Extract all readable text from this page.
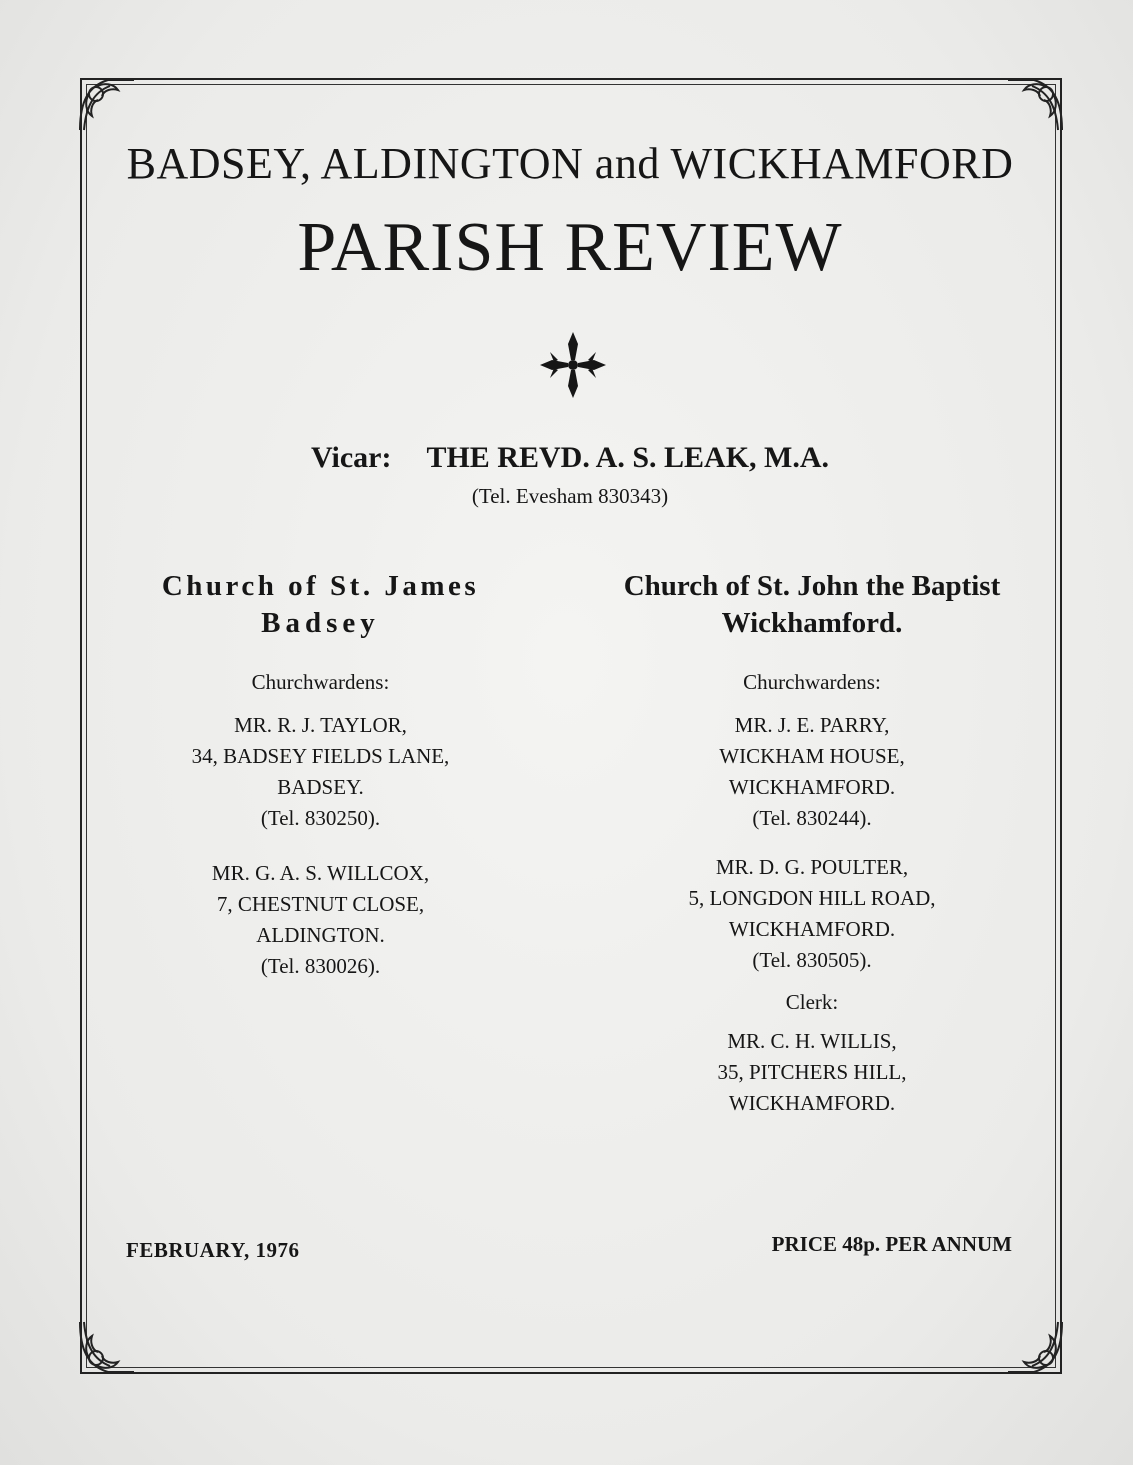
BADSEY, ALDINGTON and WICKHAMFORD
PARISH REVIEW
Vicar: THE REVD. A. S. LEAK, M.A.
(Tel. Evesham 830343)

Church of St. James

Badsey

Churchwardens:
MR. R. J. TAYLOR,
34, BADSEY FIELDS LANE,
BADSEY.
(Tel. 830250).
MR. G. A. S. WILLCOX,
7, CHESTNUT CLOSE,
ALDINGTON.
(Tel. 830026).

Church of St. John the Baptist

Wickhamford.

Churchwardens:
MR. J. E. PARRY,
WICKHAM HOUSE,
WICKHAMFORD.
(Tel. 830244).
MR. D. G. POULTER,
5, LONGDON HILL ROAD,
WICKHAMFORD.
(Tel. 830505).
Clerk:
MR. C. H. WILLIS,
35, PITCHERS HILL,
WICKHAMFORD.
FEBRUARY, 1976	PRICE 48p. PER ANNUM
